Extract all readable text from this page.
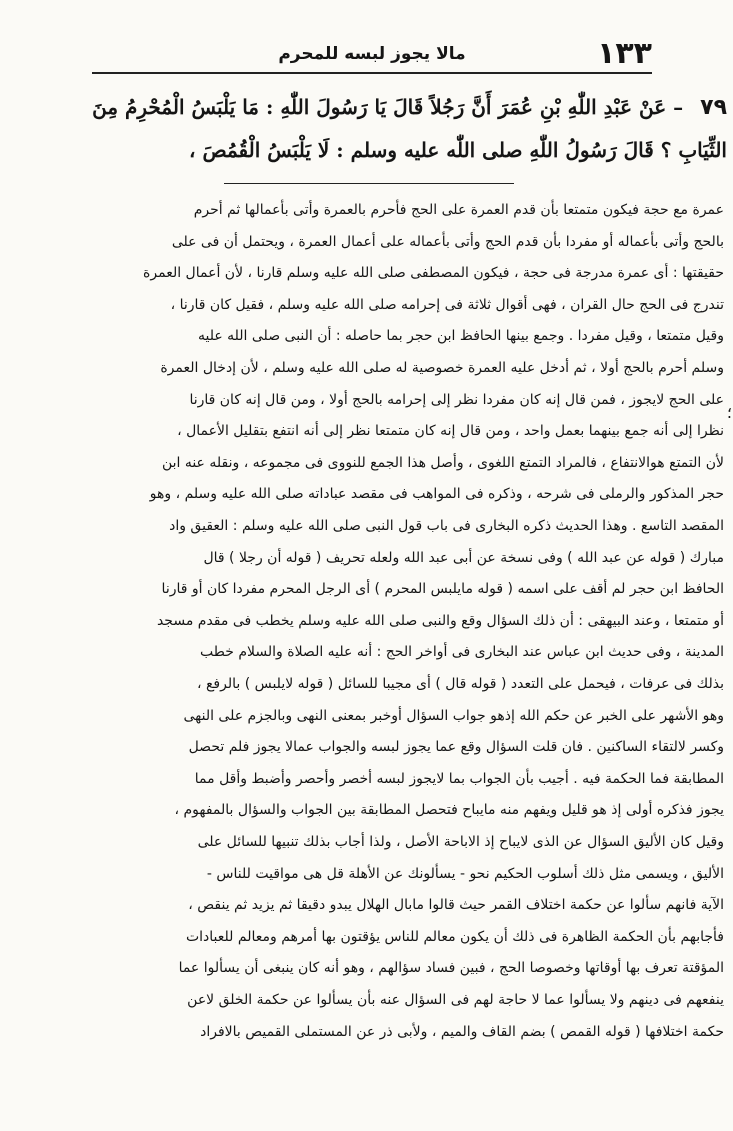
١٣٣
مالا يجوز لبسه للمحرم
٧٩ – عَنْ عَبْدِ اللّٰهِ بْنِ عُمَرَ أَنَّ رَجُلاً قَالَ يَا رَسُولَ اللّٰهِ : مَا يَلْبَسُ الْمُحْرِمُ مِنَ
الثِّيَابِ ؟ قَالَ رَسُولُ اللّٰهِ صلى اللّٰه عليه وسلم : لَا يَلْبَسُ الْقُمُصَ ،
عمرة مع حجة فيكون متمتعا بأن قدم العمرة على الحج فأحرم بالعمرة وأتى بأعمالها ثم أحرم
بالحج وأتى بأعماله أو مفردا بأن قدم الحج وأتى بأعماله على أعمال العمرة ، ويحتمل أن فى على
حقيقتها : أى عمرة مدرجة فى حجة ، فيكون المصطفى صلى الله عليه وسلم قارنا ، لأن أعمال العمرة
تندرج فى الحج حال القران ، فهى أقوال ثلاثة فى إحرامه صلى الله عليه وسلم ، فقيل كان قارنا ،
وقيل متمتعا ، وقيل مفردا . وجمع بينها الحافظ ابن حجر بما حاصله : أن النبى صلى الله عليه
وسلم أحرم بالحج أولا ، ثم أدخل عليه العمرة خصوصية له صلى الله عليه وسلم ، لأن إدخال العمرة
على الحج لايجوز ، فمن قال إنه كان مفردا نظر إلى إحرامه بالحج أولا ، ومن قال إنه كان قارنا
نظرا إلى أنه جمع بينهما بعمل واحد ، ومن قال إنه كان متمتعا نظر إلى أنه انتفع بتقليل الأعمال ،
لأن التمتع هوالانتفاع ، فالمراد التمتع اللغوى ، وأصل هذا الجمع للنووى فى مجموعه ، ونقله عنه ابن
حجر المذكور والرملى فى شرحه ، وذكره فى المواهب فى مقصد عباداته صلى الله عليه وسلم ، وهو
المقصد التاسع . وهذا الحديث ذكره البخارى فى باب قول النبى صلى الله عليه وسلم : العقيق واد
مبارك ( قوله عن عبد الله ) وفى نسخة عن أبى عبد الله ولعله تحريف ( قوله أن رجلا ) قال
الحافظ ابن حجر لم أقف على اسمه ( قوله مايلبس المحرم ) أى الرجل المحرم مفردا كان أو قارنا
أو متمتعا ، وعند البيهقى : أن ذلك السؤال وقع والنبى صلى الله عليه وسلم يخطب فى مقدم مسجد
المدينة ، وفى حديث ابن عباس عند البخارى فى أواخر الحج : أنه عليه الصلاة والسلام خطب
بذلك فى عرفات ، فيحمل على التعدد ( قوله قال ) أى مجيبا للسائل ( قوله لايلبس ) بالرفع ،
وهو الأشهر على الخبر عن حكم الله إذهو جواب السؤال أوخبر بمعنى النهى وبالجزم على النهى
وكسر لالتقاء الساكنين . فان قلت السؤال وقع عما يجوز لبسه والجواب عمالا يجوز فلم تحصل
المطابقة فما الحكمة فيه . أجيب بأن الجواب بما لايجوز لبسه أخصر وأحصر وأضبط وأقل مما
يجوز فذكره أولى إذ هو قليل ويفهم منه مايباح فتحصل المطابقة بين الجواب والسؤال بالمفهوم ،
وقيل كان الأليق السؤال عن الذى لايباح إذ الاباحة الأصل ، ولذا أجاب بذلك تنبيها للسائل على
الأليق ، ويسمى مثل ذلك أسلوب الحكيم نحو - يسألونك عن الأهلة قل هى مواقيت للناس -
الآية فانهم سألوا عن حكمة اختلاف القمر حيث قالوا مابال الهلال يبدو دقيقا ثم يزيد ثم ينقص ،
فأجابهم بأن الحكمة الظاهرة فى ذلك أن يكون معالم للناس يؤقتون بها أمرهم ومعالم للعبادات
المؤقتة تعرف بها أوقاتها وخصوصا الحج ، فبين فساد سؤالهم ، وهو أنه كان ينبغى أن يسألوا عما
ينفعهم فى دينهم ولا يسألوا عما لا حاجة لهم فى السؤال عنه بأن يسألوا عن حكمة الخلق لاعن
حكمة اختلافها ( قوله القمص ) بضم القاف والميم ، ولأبى ذر عن المستملى القميص بالافراد
؛
